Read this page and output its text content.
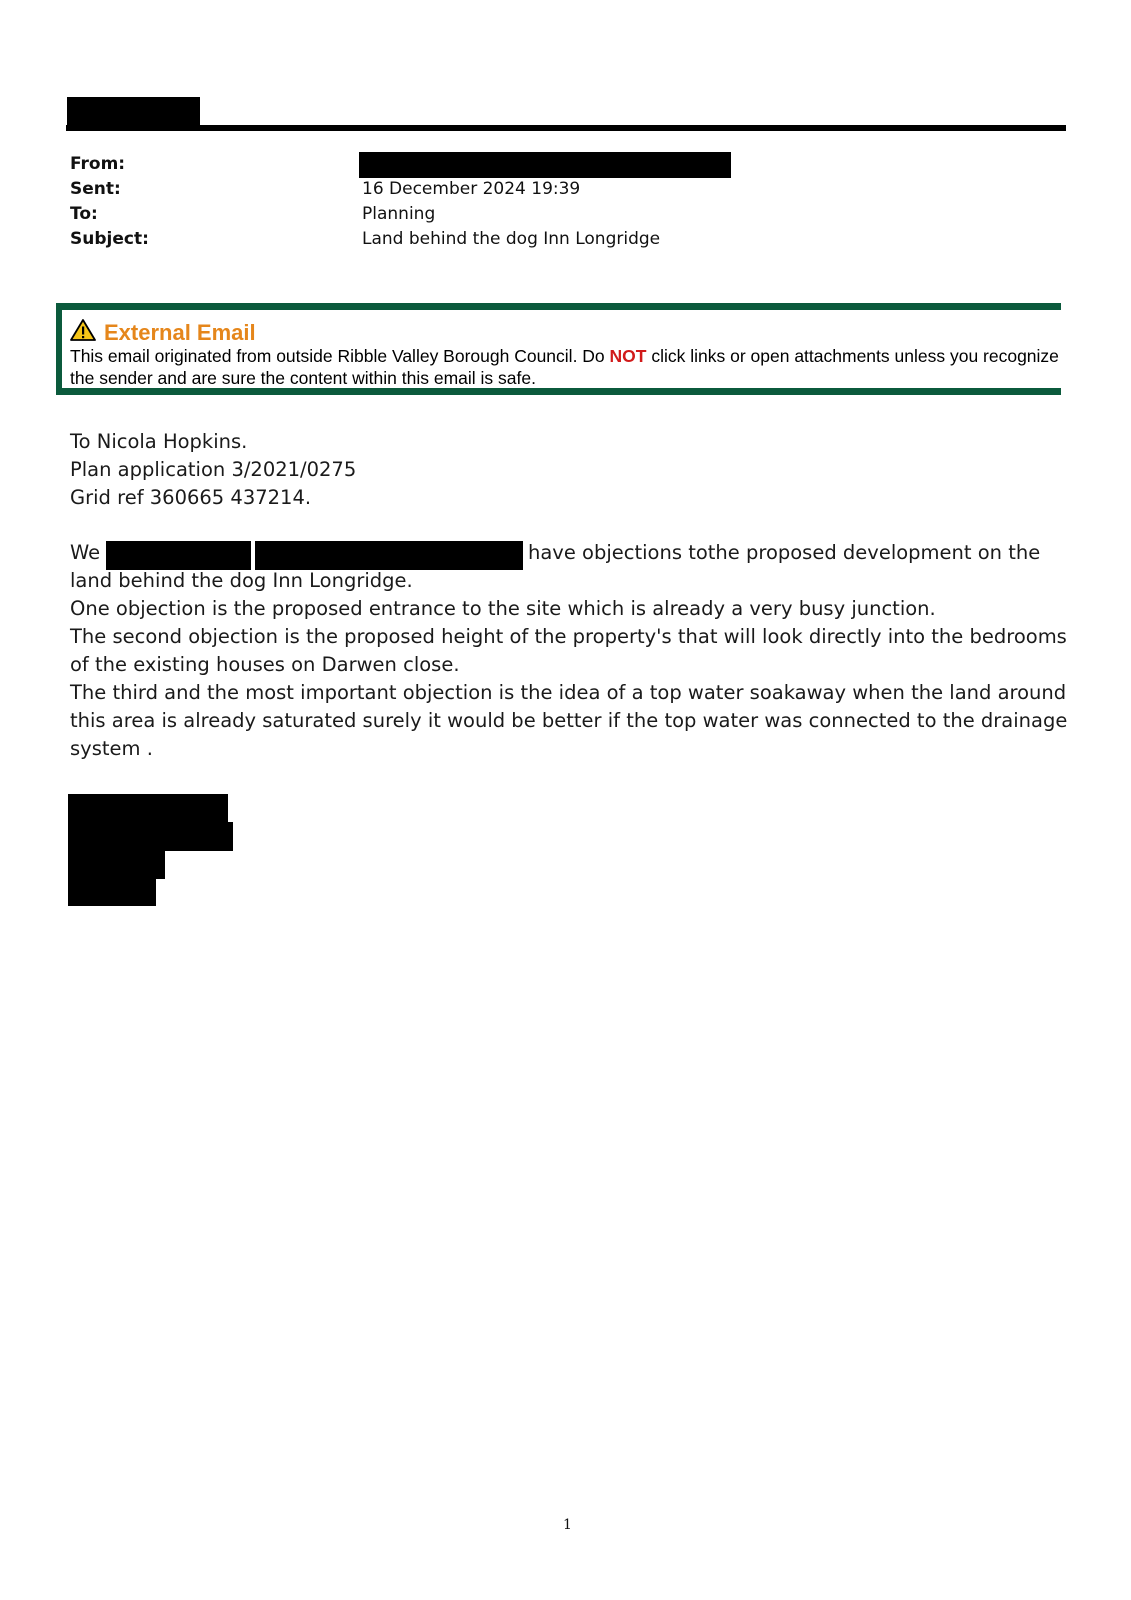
From:
Sent:
To:
Subject:
16 December 2024 19:39
Planning
Land behind the dog Inn Longridge
External Email
This email originated from outside Ribble Valley Borough Council. Do NOT click links or open attachments unless you recognize the sender and are sure the content within this email is safe.
To Nicola Hopkins.
Plan application 3/2021/0275
Grid ref 360665 437214.
We	have objections tothe proposed development on the
land behind the dog Inn Longridge.
One objection is the proposed entrance to the site which is already a very busy junction.
The second objection is the proposed height of the property's that will look directly into the bedrooms
of the existing houses on Darwen close.
The third and the most important objection is the idea of a top water soakaway when the land around
this area is already saturated surely it would be better if the top water was connected to the drainage
system .
1
